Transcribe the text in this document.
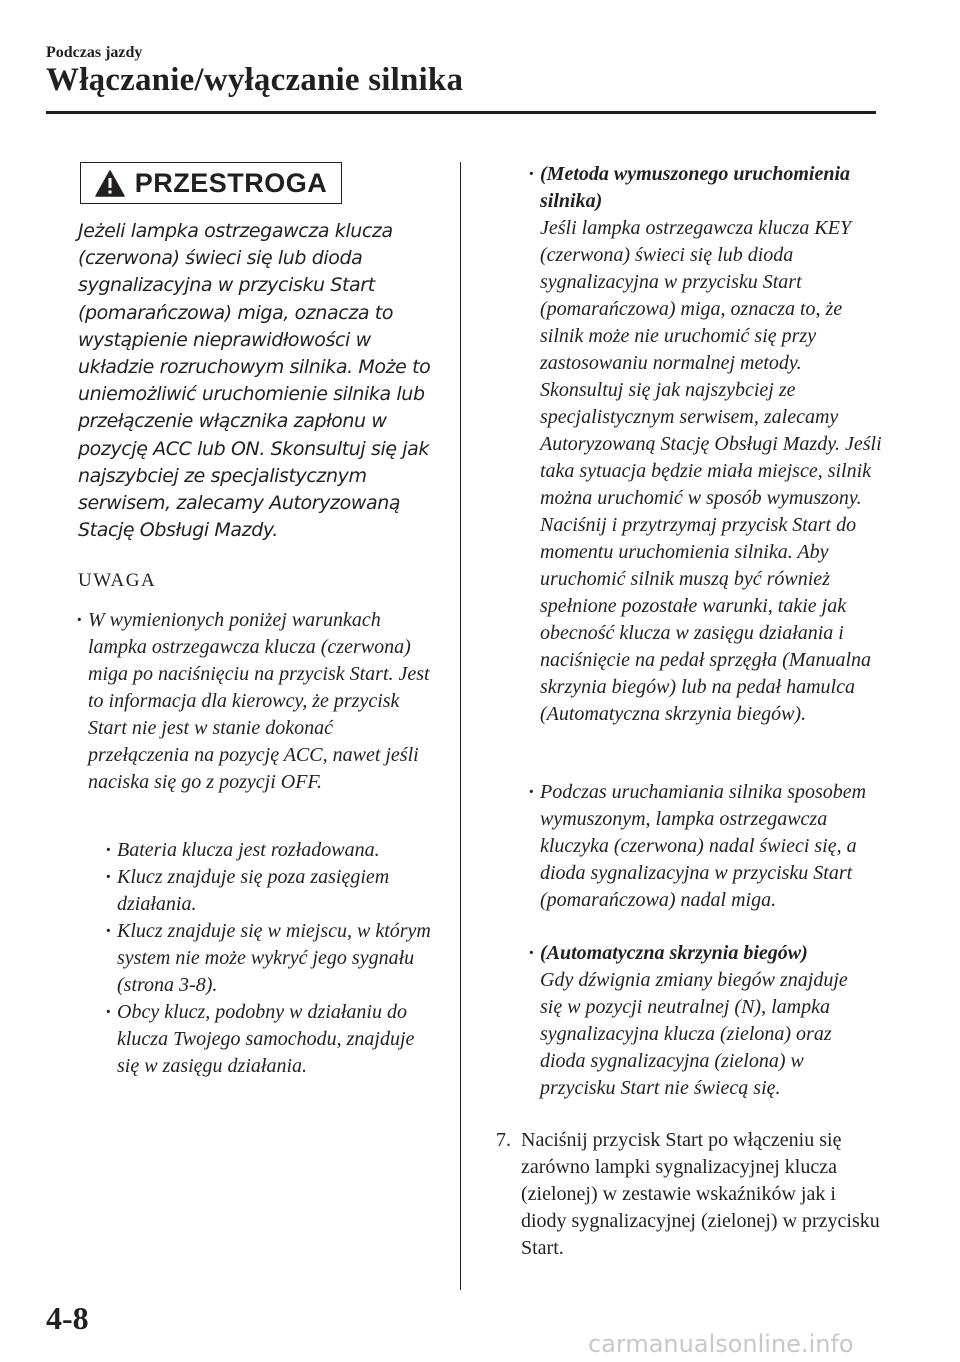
Podczas jazdy
Włączanie/wyłączanie silnika
PRZESTROGA
Jeżeli lampka ostrzegawcza klucza (czerwona) świeci się lub dioda sygnalizacyjna w przycisku Start (pomarańczowa) miga, oznacza to wystąpienie nieprawidłowości w układzie rozruchowym silnika. Może to uniemożliwić uruchomienie silnika lub przełączenie włącznika zapłonu w pozycję ACC lub ON. Skonsultuj się jak najszybciej ze specjalistycznym serwisem, zalecamy Autoryzowaną Stację Obsługi Mazdy.
UWAGA
· W wymienionych poniżej warunkach lampka ostrzegawcza klucza (czerwona) miga po naciśnięciu na przycisk Start. Jest to informacja dla kierowcy, że przycisk Start nie jest w stanie dokonać przełączenia na pozycję ACC, nawet jeśli naciska się go z pozycji OFF.
· Bateria klucza jest rozładowana.
· Klucz znajduje się poza zasięgiem działania.
· Klucz znajduje się w miejscu, w którym system nie może wykryć jego sygnału (strona 3-8).
· Obcy klucz, podobny w działaniu do klucza Twojego samochodu, znajduje się w zasięgu działania.
· (Metoda wymuszonego uruchomienia silnika)
Jeśli lampka ostrzegawcza klucza KEY (czerwona) świeci się lub dioda sygnalizacyjna w przycisku Start (pomarańczowa) miga, oznacza to, że silnik może nie uruchomić się przy zastosowaniu normalnej metody. Skonsultuj się jak najszybciej ze specjalistycznym serwisem, zalecamy Autoryzowaną Stację Obsługi Mazdy. Jeśli taka sytuacja będzie miała miejsce, silnik można uruchomić w sposób wymuszony. Naciśnij i przytrzymaj przycisk Start do momentu uruchomienia silnika. Aby uruchomić silnik muszą być również spełnione pozostałe warunki, takie jak obecność klucza w zasięgu działania i naciśnięcie na pedał sprzęgła (Manualna skrzynia biegów) lub na pedał hamulca (Automatyczna skrzynia biegów).
· Podczas uruchamiania silnika sposobem wymuszonym, lampka ostrzegawcza kluczyka (czerwona) nadal świeci się, a dioda sygnalizacyjna w przycisku Start (pomarańczowa) nadal miga.
· (Automatyczna skrzynia biegów)
Gdy dźwignia zmiany biegów znajduje się w pozycji neutralnej (N), lampka sygnalizacyjna klucza (zielona) oraz dioda sygnalizacyjna (zielona) w przycisku Start nie świecą się.
7. Naciśnij przycisk Start po włączeniu się zarówno lampki sygnalizacyjnej klucza (zielonej) w zestawie wskaźników jak i diody sygnalizacyjnej (zielonej) w przycisku Start.
4-8
carmanualsonline.info
